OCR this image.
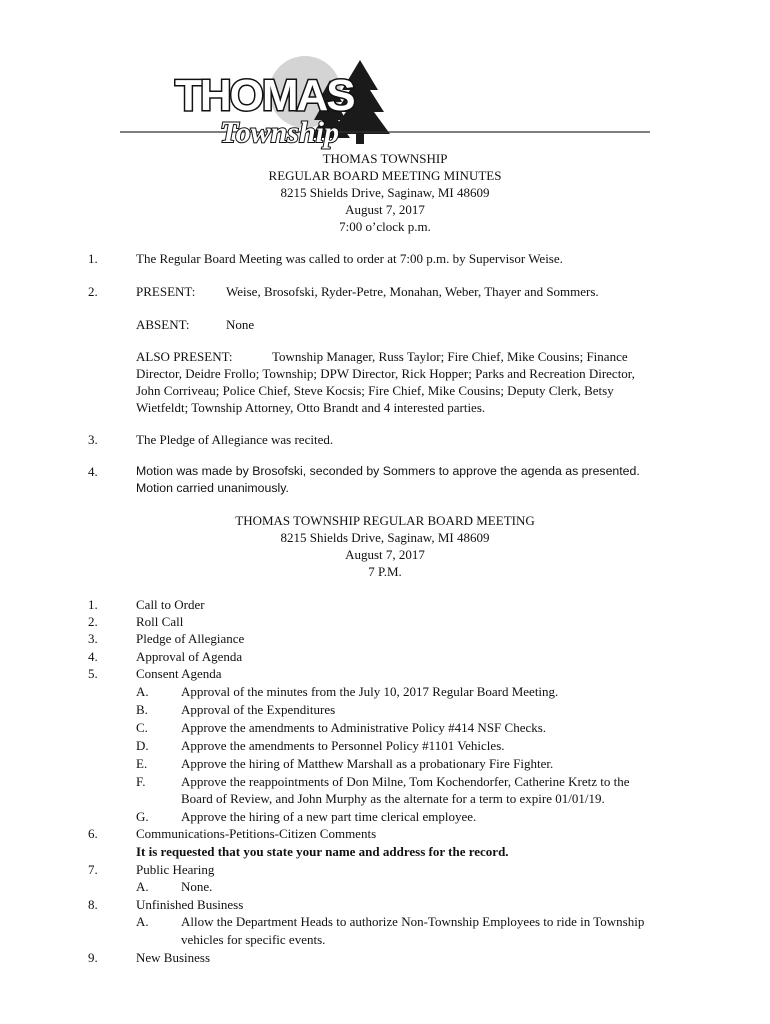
THOMAS
Township
THOMAS TOWNSHIP
REGULAR BOARD MEETING MINUTES
8215 Shields Drive, Saginaw, MI 48609
August 7, 2017
7:00 o’clock p.m.
1.	The Regular Board Meeting was called to order at 7:00 p.m. by Supervisor Weise.
2.	PRESENT: Weise, Brosofski, Ryder-Petre, Monahan, Weber, Thayer and Sommers.
ABSENT:	None
ALSO PRESENT:	Township Manager, Russ Taylor; Fire Chief, Mike Cousins; Finance
Director, Deidre Frollo; Township; DPW Director, Rick Hopper; Parks and Recreation Director,
John Corriveau; Police Chief, Steve Kocsis; Fire Chief, Mike Cousins; Deputy Clerk, Betsy
Wietfeldt; Township Attorney, Otto Brandt and 4 interested parties.
3.	The Pledge of Allegiance was recited.
4.	Motion was made by Brosofski, seconded by Sommers to approve the agenda as presented.
Motion carried unanimously.
THOMAS TOWNSHIP REGULAR BOARD MEETING
8215 Shields Drive, Saginaw, MI 48609
August 7, 2017
7 P.M.
1.	Call to Order
2.	Roll Call
3.	Pledge of Allegiance
4.	Approval of Agenda
5.	Consent Agenda
A. Approval of the minutes from the July 10, 2017 Regular Board Meeting.
B.	Approval of the Expenditures
C.	Approve the amendments to Administrative Policy #414 NSF Checks.
D. Approve the amendments to Personnel Policy #1101 Vehicles.
E.	Approve the hiring of Matthew Marshall as a probationary Fire Fighter.
F.	Approve the reappointments of Don Milne, Tom Kochendorfer, Catherine Kretz to the
Board of Review, and John Murphy as the alternate for a term to expire 01/01/19.
G. Approve the hiring of a new part time clerical employee.
6.	Communications-Petitions-Citizen Comments
It is requested that you state your name and address for the record.
7.	Public Hearing
A. None.
8.	Unfinished Business
A. Allow the Department Heads to authorize Non-Township Employees to ride in Township
vehicles for specific events.
9.	New Business
